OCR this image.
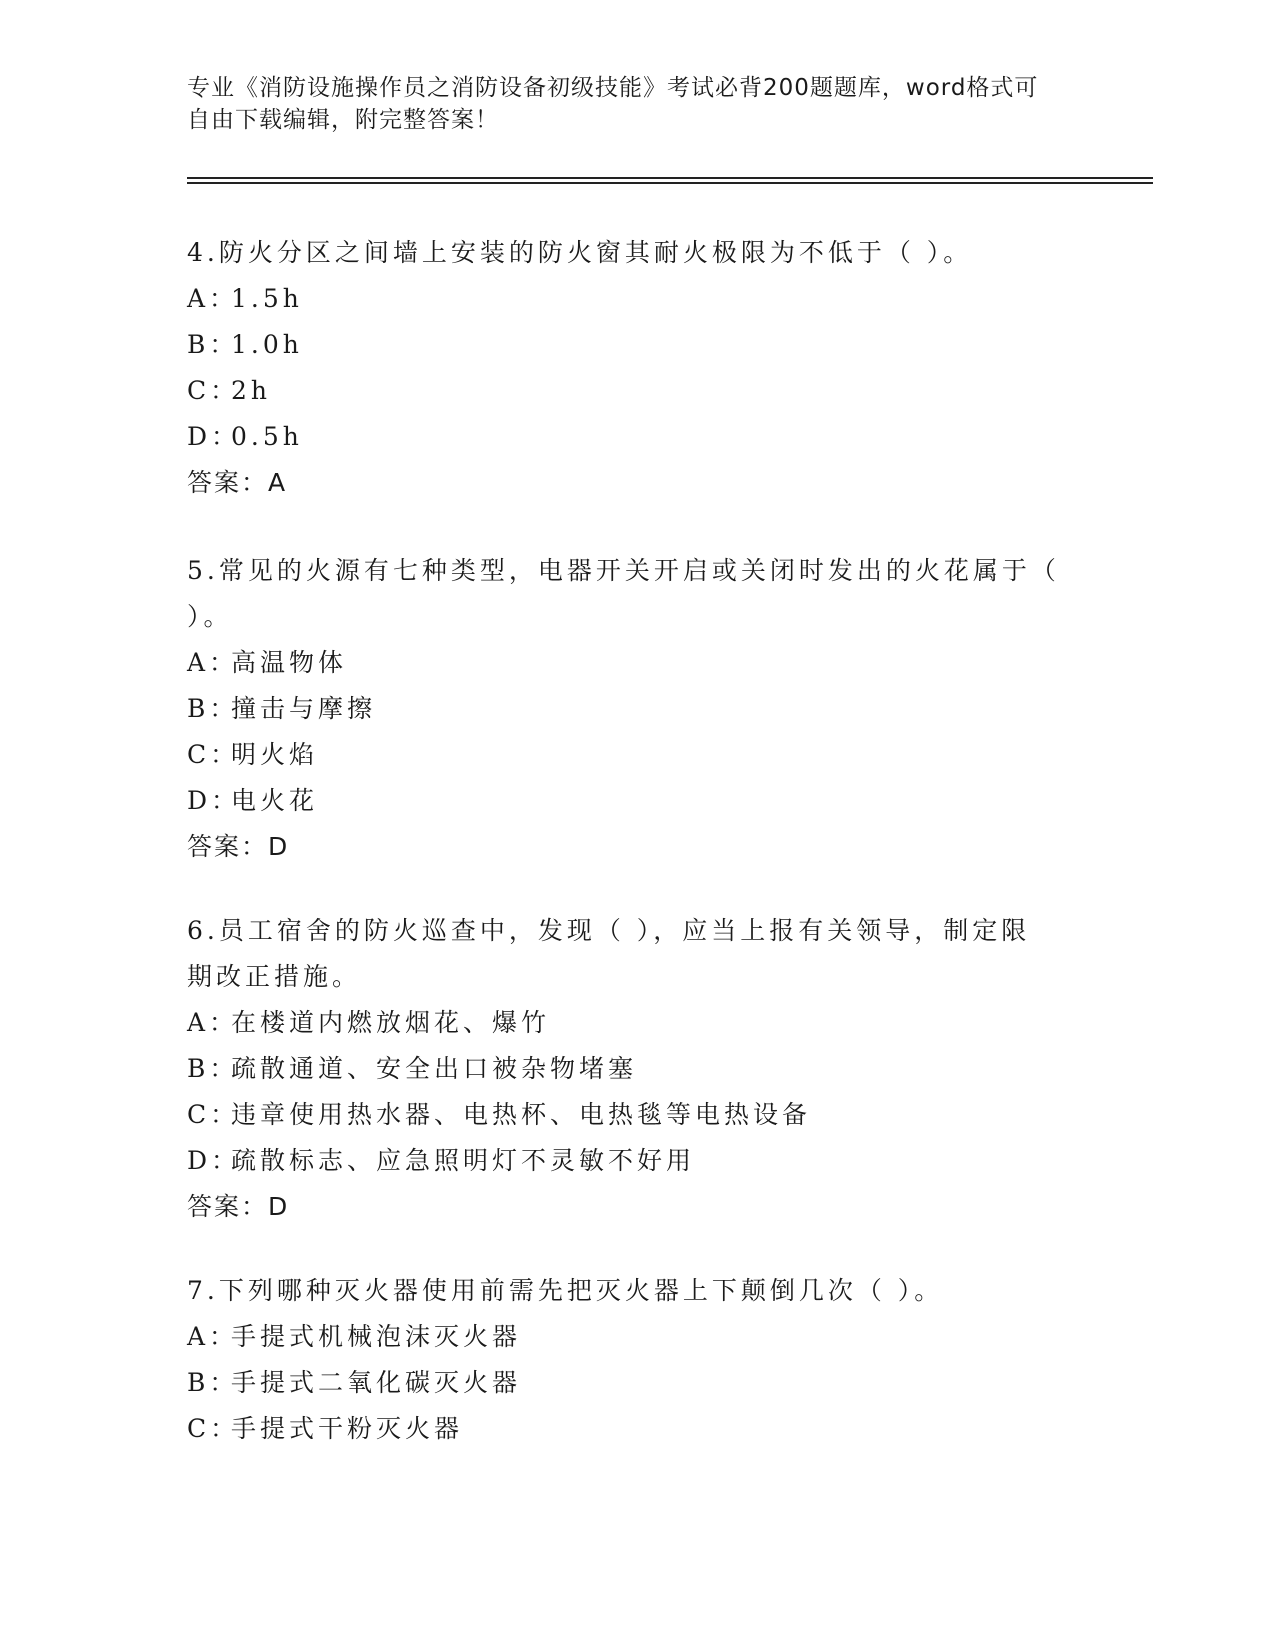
专业《消防设施操作员之消防设备初级技能》考试必背200题题库，word格式可
自由下载编辑，附完整答案！
4.防火分区之间墙上安装的防火窗其耐火极限为不低于（ ）。
A：1.5h
B：1.0h
C：2h
D：0.5h
答案：A
5.常见的火源有七种类型，电器开关开启或关闭时发出的火花属于（
）。
A：高温物体
B：撞击与摩擦
C：明火焰
D：电火花
答案：D
6.员工宿舍的防火巡查中，发现（ ），应当上报有关领导，制定限
期改正措施。
A：在楼道内燃放烟花、爆竹
B：疏散通道、安全出口被杂物堵塞
C：违章使用热水器、电热杯、电热毯等电热设备
D：疏散标志、应急照明灯不灵敏不好用
答案：D
7.下列哪种灭火器使用前需先把灭火器上下颠倒几次（ ）。
A：手提式机械泡沫灭火器
B：手提式二氧化碳灭火器
C：手提式干粉灭火器
